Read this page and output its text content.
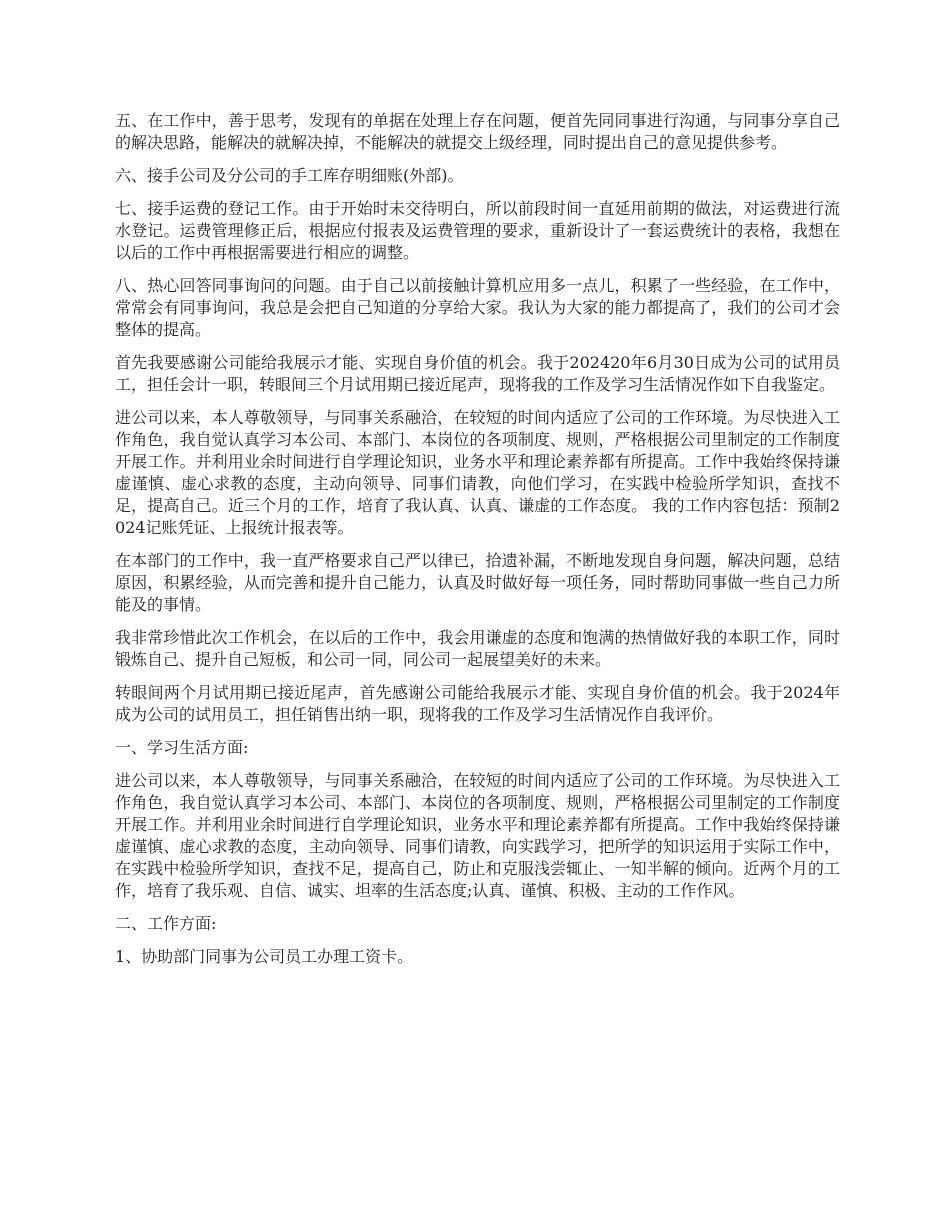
五、在工作中，善于思考，发现有的单据在处理上存在问题，便首先同同事进行沟通，与同事分享自己的解决思路，能解决的就解决掉，不能解决的就提交上级经理，同时提出自己的意见提供参考。

六、接手公司及分公司的手工库存明细账(外部)。

七、接手运费的登记工作。由于开始时未交待明白，所以前段时间一直延用前期的做法，对运费进行流水登记。运费管理修正后，根据应付报表及运费管理的要求，重新设计了一套运费统计的表格，我想在以后的工作中再根据需要进行相应的调整。

八、热心回答同事询问的问题。由于自己以前接触计算机应用多一点儿，积累了一些经验，在工作中，常常会有同事询问，我总是会把自己知道的分享给大家。我认为大家的能力都提高了，我们的公司才会整体的提高。

首先我要感谢公司能给我展示才能、实现自身价值的机会。我于202420年6月30日成为公司的试用员工，担任会计一职，转眼间三个月试用期已接近尾声，现将我的工作及学习生活情况作如下自我鉴定。

进公司以来，本人尊敬领导，与同事关系融洽，在较短的时间内适应了公司的工作环境。为尽快进入工作角色，我自觉认真学习本公司、本部门、本岗位的各项制度、规则，严格根据公司里制定的工作制度开展工作。并利用业余时间进行自学理论知识，业务水平和理论素养都有所提高。工作中我始终保持谦虚谨慎、虚心求教的态度，主动向领导、同事们请教，向他们学习，在实践中检验所学知识，查找不足，提高自己。近三个月的工作，培育了我认真、认真、谦虚的工作态度。 我的工作内容包括：预制2024记账凭证、上报统计报表等。

在本部门的工作中，我一直严格要求自己严以律已，拾遗补漏，不断地发现自身问题，解决问题，总结原因，积累经验，从而完善和提升自己能力，认真及时做好每一项任务，同时帮助同事做一些自己力所能及的事情。

我非常珍惜此次工作机会，在以后的工作中，我会用谦虚的态度和饱满的热情做好我的本职工作，同时锻炼自己、提升自己短板，和公司一同，同公司一起展望美好的未来。

转眼间两个月试用期已接近尾声，首先感谢公司能给我展示才能、实现自身价值的机会。我于2024年成为公司的试用员工，担任销售出纳一职，现将我的工作及学习生活情况作自我评价。

一、学习生活方面:

进公司以来，本人尊敬领导，与同事关系融洽，在较短的时间内适应了公司的工作环境。为尽快进入工作角色，我自觉认真学习本公司、本部门、本岗位的各项制度、规则，严格根据公司里制定的工作制度开展工作。并利用业余时间进行自学理论知识，业务水平和理论素养都有所提高。工作中我始终保持谦虚谨慎、虚心求教的态度，主动向领导、同事们请教，向实践学习，把所学的知识运用于实际工作中，在实践中检验所学知识，查找不足，提高自己，防止和克服浅尝辄止、一知半解的倾向。近两个月的工作，培育了我乐观、自信、诚实、坦率的生活态度;认真、谨慎、积极、主动的工作作风。

二、工作方面:

1、协助部门同事为公司员工办理工资卡。
